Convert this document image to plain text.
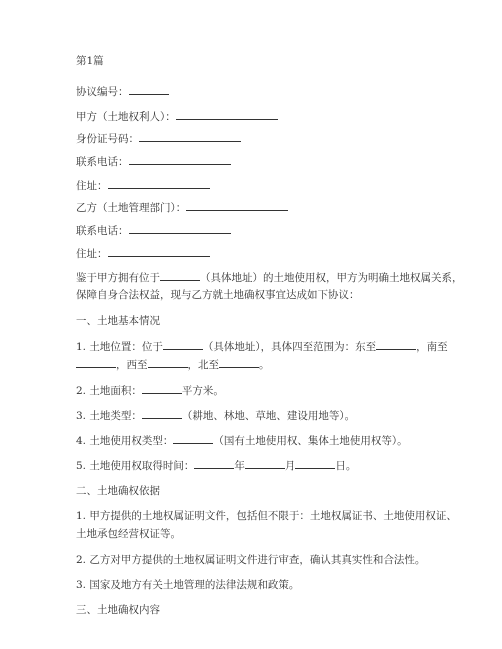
第1篇
协议编号：
甲方（土地权利人）：
身份证号码：
联系电话：
住址：
乙方（土地管理部门）：
联系电话：
住址：
鉴于甲方拥有位于	（具体地址）的土地使用权，甲方为明确土地权属关系，
保障自身合法权益，现与乙方就土地确权事宜达成如下协议：
一、土地基本情况
1. 土地位置：位于	（具体地址），具体四至范围为：东至	，南至
，西至	，北至	。
2. 土地面积：	平方米。
3. 土地类型：	（耕地、林地、草地、建设用地等）。
4. 土地使用权类型：	（国有土地使用权、集体土地使用权等）。
5. 土地使用权取得时间：	年	月	日。
二、土地确权依据
1. 甲方提供的土地权属证明文件，包括但不限于：土地权属证书、土地使用权证、
土地承包经营权证等。
2. 乙方对甲方提供的土地权属证明文件进行审查，确认其真实性和合法性。
3. 国家及地方有关土地管理的法律法规和政策。
三、土地确权内容
